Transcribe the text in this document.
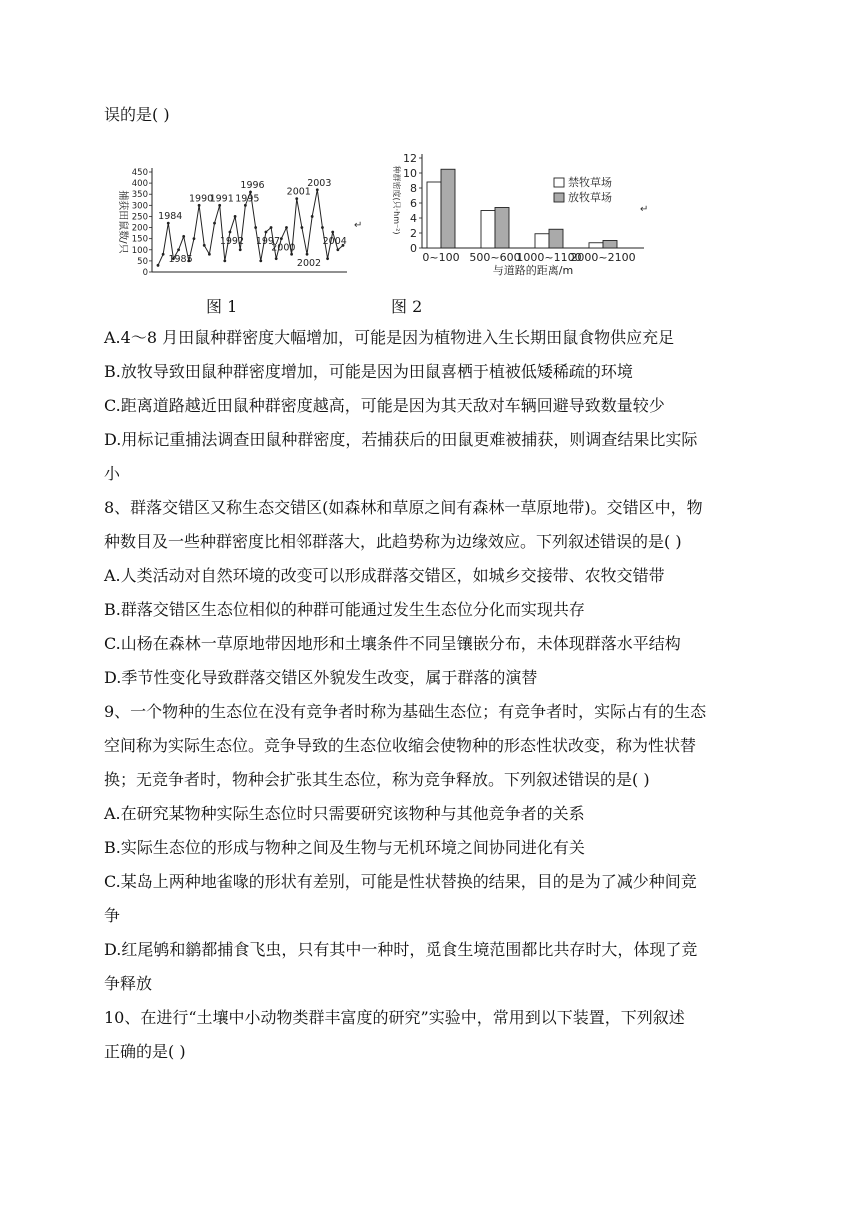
误的是( )
0
50
100
150
200
250
300
350
400
450
捕获田鼠数/只	1984
1985
1990
1991
1992
1995
1996
1997
2000
2001
2002
2003
2004
↵
图 1
0
2
4
6
8
10
12
种群密度(只·hm⁻²)
0~100 500~600
1000~1100
2000~2100
与道路的距离/m
禁牧草场
放牧草场
↵
图 2
A.4～8 月田鼠种群密度大幅增加，可能是因为植物进入生长期田鼠食物供应充足
B.放牧导致田鼠种群密度增加，可能是因为田鼠喜栖于植被低矮稀疏的环境
C.距离道路越近田鼠种群密度越高，可能是因为其天敌对车辆回避导致数量较少
D.用标记重捕法调查田鼠种群密度，若捕获后的田鼠更难被捕获，则调查结果比实际
小
8、群落交错区又称生态交错区(如森林和草原之间有森林一草原地带)。交错区中，物
种数目及一些种群密度比相邻群落大，此趋势称为边缘效应。下列叙述错误的是( )
A.人类活动对自然环境的改变可以形成群落交错区，如城乡交接带、农牧交错带
B.群落交错区生态位相似的种群可能通过发生生态位分化而实现共存
C.山杨在森林一草原地带因地形和土壤条件不同呈镶嵌分布，未体现群落水平结构
D.季节性变化导致群落交错区外貌发生改变，属于群落的演替
9、一个物种的生态位在没有竞争者时称为基础生态位；有竞争者时，实际占有的生态
空间称为实际生态位。竞争导致的生态位收缩会使物种的形态性状改变，称为性状替
换；无竞争者时，物种会扩张其生态位，称为竞争释放。下列叙述错误的是( )
A.在研究某物种实际生态位时只需要研究该物种与其他竞争者的关系
B.实际生态位的形成与物种之间及生物与无机环境之间协同进化有关
C.某岛上两种地雀喙的形状有差别，可能是性状替换的结果，目的是为了减少种间竞
争
D.红尾鸲和鹟都捕食飞虫，只有其中一种时，觅食生境范围都比共存时大，体现了竞
争释放
10、在进行“土壤中小动物类群丰富度的研究”实验中，常用到以下装置，下列叙述
正确的是( )
